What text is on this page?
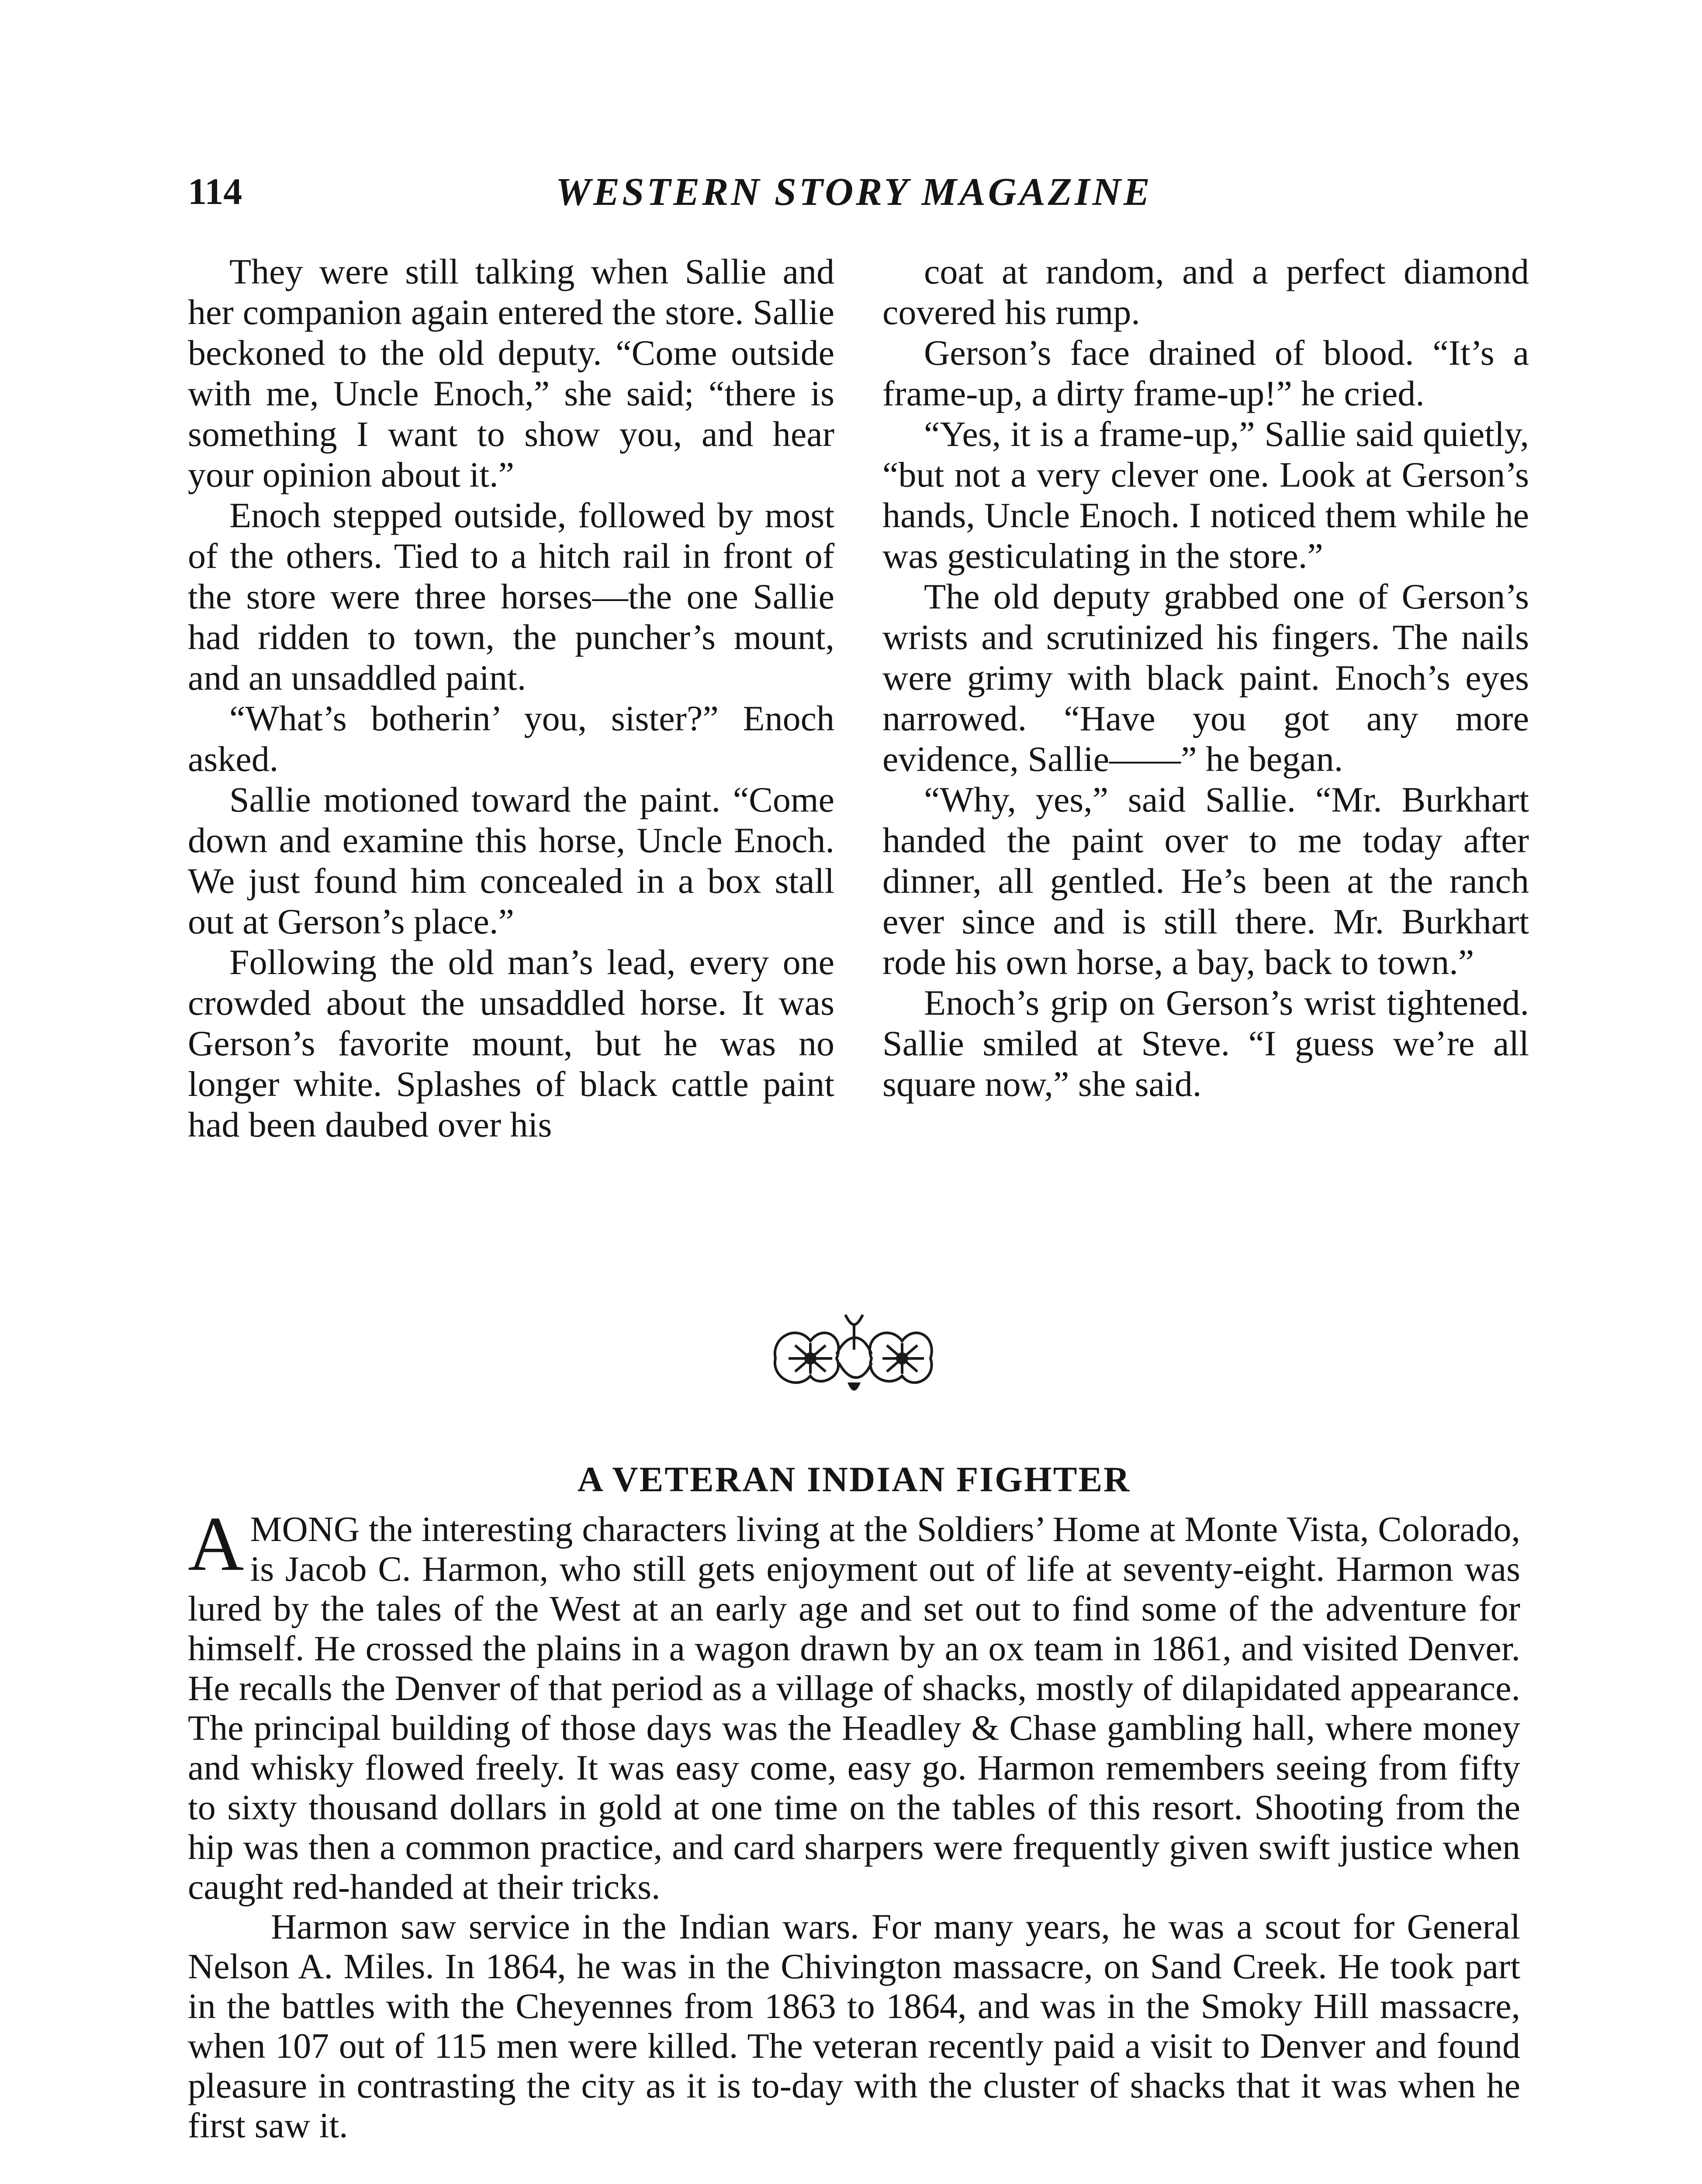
114	WESTERN STORY MAGAZINE

They were still talking when Sallie and her companion again entered the store. Sallie beckoned to the old deputy. “Come outside with me, Uncle Enoch,” she said; “there is something I want to show you, and hear your opinion about it.”

Enoch stepped outside, followed by most of the others. Tied to a hitch rail in front of the store were three horses—the one Sallie had ridden to town, the puncher’s mount, and an unsaddled paint.

“What’s botherin’ you, sister?” Enoch asked.

Sallie motioned toward the paint. “Come down and examine this horse, Uncle Enoch. We just found him concealed in a box stall out at Gerson’s place.”

Following the old man’s lead, every one crowded about the unsaddled horse. It was Gerson’s favorite mount, but he was no longer white. Splashes of black cattle paint had been daubed over his

coat at random, and a perfect diamond covered his rump.

Gerson’s face drained of blood. “It’s a frame-up, a dirty frame-up!” he cried.

“Yes, it is a frame-up,” Sallie said quietly, “but not a very clever one. Look at Gerson’s hands, Uncle Enoch. I noticed them while he was gesticulating in the store.”

The old deputy grabbed one of Gerson’s wrists and scrutinized his fingers. The nails were grimy with black paint. Enoch’s eyes narrowed. “Have you got any more evidence, Sallie——” he began.

“Why, yes,” said Sallie. “Mr. Burkhart handed the paint over to me today after dinner, all gentled. He’s been at the ranch ever since and is still there. Mr. Burkhart rode his own horse, a bay, back to town.”

Enoch’s grip on Gerson’s wrist tightened. Sallie smiled at Steve. “I guess we’re all square now,” she said.

A VETERAN INDIAN FIGHTER

AMONG the interesting characters living at the Soldiers’ Home at Monte Vista, Colorado, is Jacob C. Harmon, who still gets enjoyment out of life at seventy-eight. Harmon was lured by the tales of the West at an early age and set out to find some of the adventure for himself. He crossed the plains in a wagon drawn by an ox team in 1861, and visited Denver. He recalls the Denver of that period as a village of shacks, mostly of dilapidated appearance. The principal building of those days was the Headley & Chase gambling hall, where money and whisky flowed freely. It was easy come, easy go. Harmon remembers seeing from fifty to sixty thousand dollars in gold at one time on the tables of this resort. Shooting from the hip was then a common practice, and card sharpers were frequently given swift justice when caught red-handed at their tricks.

Harmon saw service in the Indian wars. For many years, he was a scout for General Nelson A. Miles. In 1864, he was in the Chivington massacre, on Sand Creek. He took part in the battles with the Cheyennes from 1863 to 1864, and was in the Smoky Hill massacre, when 107 out of 115 men were killed. The veteran recently paid a visit to Denver and found pleasure in contrasting the city as it is to-day with the cluster of shacks that it was when he first saw it.
